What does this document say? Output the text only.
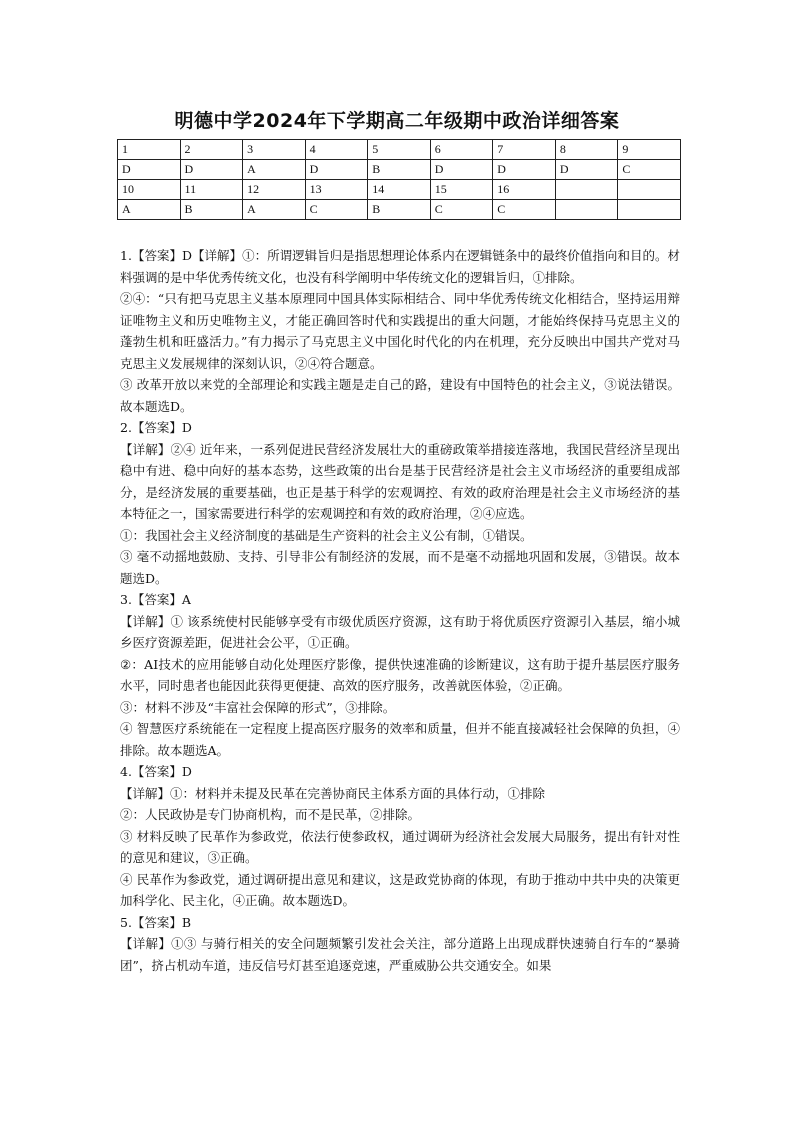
明德中学2024年下学期高二年级期中政治详细答案
1	2	3	4	5	6	7	8	9
D	D	A	D	B	D	D	D	C
10	11	12	13	14	15	16		
A	B	A	C	B	C	C		

1.【答案】D【详解】①：所谓逻辑旨归是指思想理论体系内在逻辑链条中的最终价值指向和目的。材料强调的是中华优秀传统文化，也没有科学阐明中华传统文化的逻辑旨归，①排除。

②④：“只有把马克思主义基本原理同中国具体实际相结合、同中华优秀传统文化相结合，坚持运用辩证唯物主义和历史唯物主义，才能正确回答时代和实践提出的重大问题，才能始终保持马克思主义的蓬勃生机和旺盛活力。”有力揭示了马克思主义中国化时代化的内在机理，充分反映出中国共产党对马克思主义发展规律的深刻认识，②④符合题意。

③ 改革开放以来党的全部理论和实践主题是走自己的路，建设有中国特色的社会主义，③说法错误。故本题选D。

2.【答案】D

【详解】②④ 近年来，一系列促进民营经济发展壮大的重磅政策举措接连落地，我国民营经济呈现出稳中有进、稳中向好的基本态势，这些政策的出台是基于民营经济是社会主义市场经济的重要组成部分，是经济发展的重要基础，也正是基于科学的宏观调控、有效的政府治理是社会主义市场经济的基本特征之一，国家需要进行科学的宏观调控和有效的政府治理，②④应选。

①：我国社会主义经济制度的基础是生产资料的社会主义公有制，①错误。

③ 毫不动摇地鼓励、支持、引导非公有制经济的发展，而不是毫不动摇地巩固和发展，③错误。故本题选D。

3.【答案】A

【详解】① 该系统使村民能够享受有市级优质医疗资源，这有助于将优质医疗资源引入基层，缩小城乡医疗资源差距，促进社会公平，①正确。

②：AI技术的应用能够自动化处理医疗影像，提供快速准确的诊断建议，这有助于提升基层医疗服务水平，同时患者也能因此获得更便捷、高效的医疗服务，改善就医体验，②正确。

③：材料不涉及“丰富社会保障的形式”，③排除。

④ 智慧医疗系统能在一定程度上提高医疗服务的效率和质量，但并不能直接减轻社会保障的负担，④排除。故本题选A。

4.【答案】D

【详解】①：材料并未提及民革在完善协商民主体系方面的具体行动，①排除

②：人民政协是专门协商机构，而不是民革，②排除。

③ 材料反映了民革作为参政党，依法行使参政权，通过调研为经济社会发展大局服务，提出有针对性的意见和建议，③正确。

④ 民革作为参政党，通过调研提出意见和建议，这是政党协商的体现，有助于推动中共中央的决策更加科学化、民主化，④正确。故本题选D。

5.【答案】B

【详解】①③ 与骑行相关的安全问题频繁引发社会关注，部分道路上出现成群快速骑自行车的“暴骑团”，挤占机动车道，违反信号灯甚至追逐竞速，严重威胁公共交通安全。如果
